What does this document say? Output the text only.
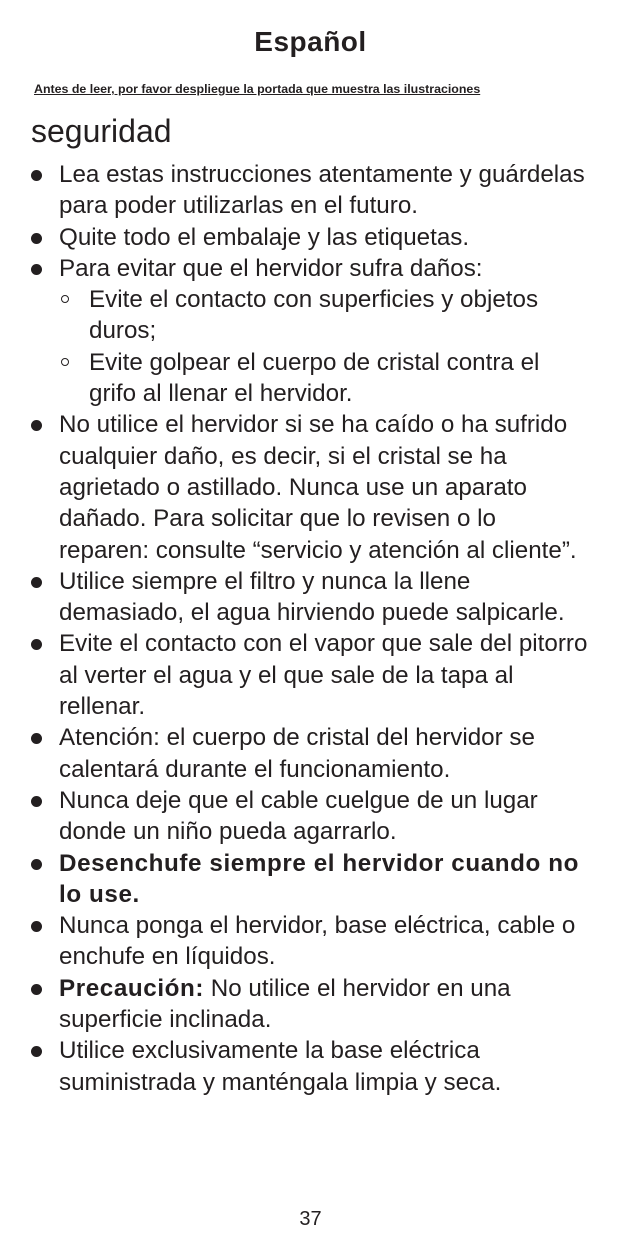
Español
Antes de leer, por favor despliegue la portada que muestra las ilustraciones
seguridad
Lea estas instrucciones atentamente y guárdelas para poder utilizarlas en el futuro.
Quite todo el embalaje y las etiquetas.
Para evitar que el hervidor sufra daños:
Evite el contacto con superficies y objetos duros;
Evite golpear el cuerpo de cristal contra el grifo al llenar el hervidor.
No utilice el hervidor si se ha caído o ha sufrido cualquier daño, es decir, si el cristal se ha agrietado o astillado. Nunca use un aparato dañado. Para solicitar que lo revisen o lo reparen: consulte “servicio y atención al cliente”.
Utilice siempre el filtro y nunca la llene demasiado, el agua hirviendo puede salpicarle.
Evite el contacto con el vapor que sale del pitorro al verter el agua y el que sale de la tapa al rellenar.
Atención: el cuerpo de cristal del hervidor se calentará durante el funcionamiento.
Nunca deje que el cable cuelgue de un lugar donde un niño pueda agarrarlo.
Desenchufe siempre el hervidor cuando no lo use.
Nunca ponga el hervidor, base eléctrica, cable o enchufe en líquidos.
Precaución: No utilice el hervidor en una superficie inclinada.
Utilice exclusivamente la base eléctrica suministrada y manténgala limpia y seca.
37
